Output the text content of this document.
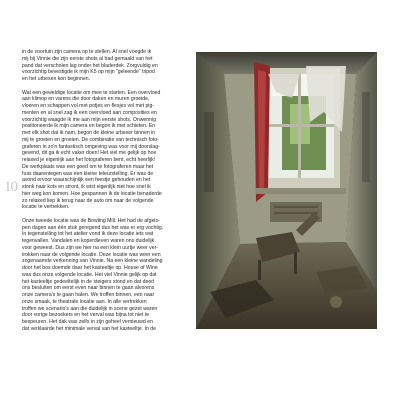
10

in de voortuin zijn camera op te stellen. Al snel voegde ik
mij bij Vinnie die zijn eerste shots al had gemaakt van het
pand dat verscholen lag onder het bladerdek. Zorgvuldig en
voorzichtig bevestigde ik mijn K5 op mijn “geleende” tripod
en het urbexen kon beginnen.

Wat een geweldige locatie om mee te starten. Een overvloed
aan klimop en varens die door daken en muren groeide,
vloeren en schappen vol met potjes en flesjes vol met pig-
menten en al snel zag ik een overvloed aan composities en
voorzichtig waagde ik me aan mijn eerste shots. Onwennig
positioneerde ik mijn camera en begon ik met schieten. En
met elk shot dat ik nam, begon de kleine urbexer binnen in
mij te groeien en groeien. De combinatie van technisch foto-
graferen in zo'n fantastisch omgeving was voor mij doorslag-
gevend, dit ga ik echt vaker doen! Het viel me gelijk op hoe
relaxed je eigenlijk aan het fotograferen bent, echt heerlijk!
De werkplaats was een goed om te fotograferen maar het
huis daarentegen was een kleine teleurstelling. Er was de
avond ervoor waarschijnlijk een feestje gehouden en het
stonk naar kots en stront, ik wist eigenlijk niet hoe snel ik
hier weg kon komen. Hoe gespannen ik de locatie benaderde
zo relaxed liep ik terug naar de auto om naar de volgende
locatie te vertrekken.

Onze tweede locatie was de Bowling Mill. Het had de afgelo-
pen dagen aan één stuk geregend dus het was er erg vochtig.
In tegenstelling tot het atelier vond ik deze locatie iets wat
tegenvallen. Vandalen en koperdieven waren ons duidelijk
voor geweest. Dus zijn we hier na een klein uurtje weer ver-
trokken naar de volgende locatie. Deze locatie was weer een
zogenaamde verkenning van Vinnie. Na een kleine wandeling
door het bos doemde daar het kasteeltje op. House of Wine
was dus onze volgende locatie. Het viel Vinnie gelijk op dat
het kasteeltje gedeeltelijk in de steigers stond en dat deed
ons besluiten om eerst even naar binnen te gaan alvorens
onze camera's te gaan halen. We troffen binnen, een naar
onze smaak, te theatrale locatie aan. In alle vertrekken
troffen we scenario's aan die duidelijk in scene gezet waren
door vorige bezoekers en het verval was bijna tot niet te
bespeuren. Het dak was zelfs in zijn geheel vernieuwd en
dat verklaarde het minimale verval van het kasteeltje. In de
